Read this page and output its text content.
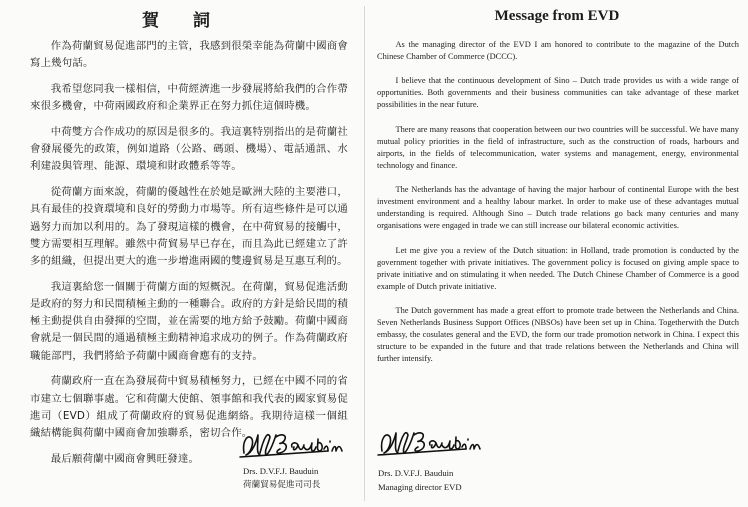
賀 詞

作為荷蘭貿易促進部門的主管，我感到很榮幸能為荷蘭中國商會寫上幾句話。

我希望您同我一樣相信，中荷經濟進一步發展將給我們的合作帶來很多機會，中荷兩國政府和企業界正在努力抓住這個時機。

中荷雙方合作成功的原因是很多的。我這裏特别指出的是荷蘭社會發展優先的政策，例如道路（公路、碼頭、機場）、電話通訊、水利建設與管理、能源、環境和財政體系等等。

從荷蘭方面來說，荷蘭的優越性在於她是歐洲大陸的主要港口，具有最佳的投資環境和良好的勞動力市場等。所有這些條件是可以通過努力而加以利用的。為了發現這樣的機會，在中荷貿易的接觸中，雙方需要相互理解。雖然中荷貿易早已存在，而且為此已經建立了許多的組織，但提出更大的進一步增進兩國的雙邊貿易是互惠互利的。

我這裏給您一個關于荷蘭方面的短概況。在荷蘭，貿易促進活動是政府的努力和民間積極主動的一種聯合。政府的方針是給民間的積極主動提供自由發揮的空間，並在需要的地方給予鼓勵。荷蘭中國商會就是一個民間的通過積極主動精神追求成功的例子。作為荷蘭政府職能部門，我們將給予荷蘭中國商會應有的支持。

荷蘭政府一直在為發展荷中貿易積極努力，已經在中國不同的省市建立七個聯事處。它和荷蘭大使館、領事館和我代表的國家貿易促進司（EVD）組成了荷蘭政府的貿易促進網絡。我期待這樣一個組織結構能與荷蘭中國商會加強聯系，密切合作。

最后願荷蘭中國商會興旺發達。

Drs. D.V.F.J. Bauduin
荷蘭貿易促進司司長
Message from EVD

As the managing director of the EVD I am honored to contribute to the magazine of the Dutch Chinese Chamber of Commerce (DCCC).

I believe that the continuous development of Sino – Dutch trade provides us with a wide range of opportunities. Both governments and their business communities can take advantage of these market possibilities in the near future.

There are many reasons that cooperation between our two countries will be successful. We have many mutual policy priorities in the field of infrastructure, such as the construction of roads, harbours and airports, in the fields of telecommunication, water systems and management, energy, environmental technology and finance.

The Netherlands has the advantage of having the major harbour of continental Europe with the best investment environment and a healthy labour market. In order to make use of these advantages mutual understanding is required. Although Sino – Dutch trade relations go back many centuries and many organisations were engaged in trade we can still increase our bilateral economic activities.

Let me give you a review of the Dutch situation: in Holland, trade promotion is conducted by the government together with private initiatives. The government policy is focused on giving ample space to private initiative and on stimulating it when needed. The Dutch Chinese Chamber of Commerce is a good example of Dutch private initiative.

The Dutch government has made a great effort to promote trade between the Netherlands and China. Seven Netherlands Business Support Offices (NBSOs) have been set up in China. Togetherwith the Dutch embassy, the cosulates general and the EVD, the form our trade promotion network in China. I expect this structure to be expanded in the future and that trade relations between the Netherlands and China will further intensify.

Drs. D.V.F.J. Bauduin
Managing director EVD
